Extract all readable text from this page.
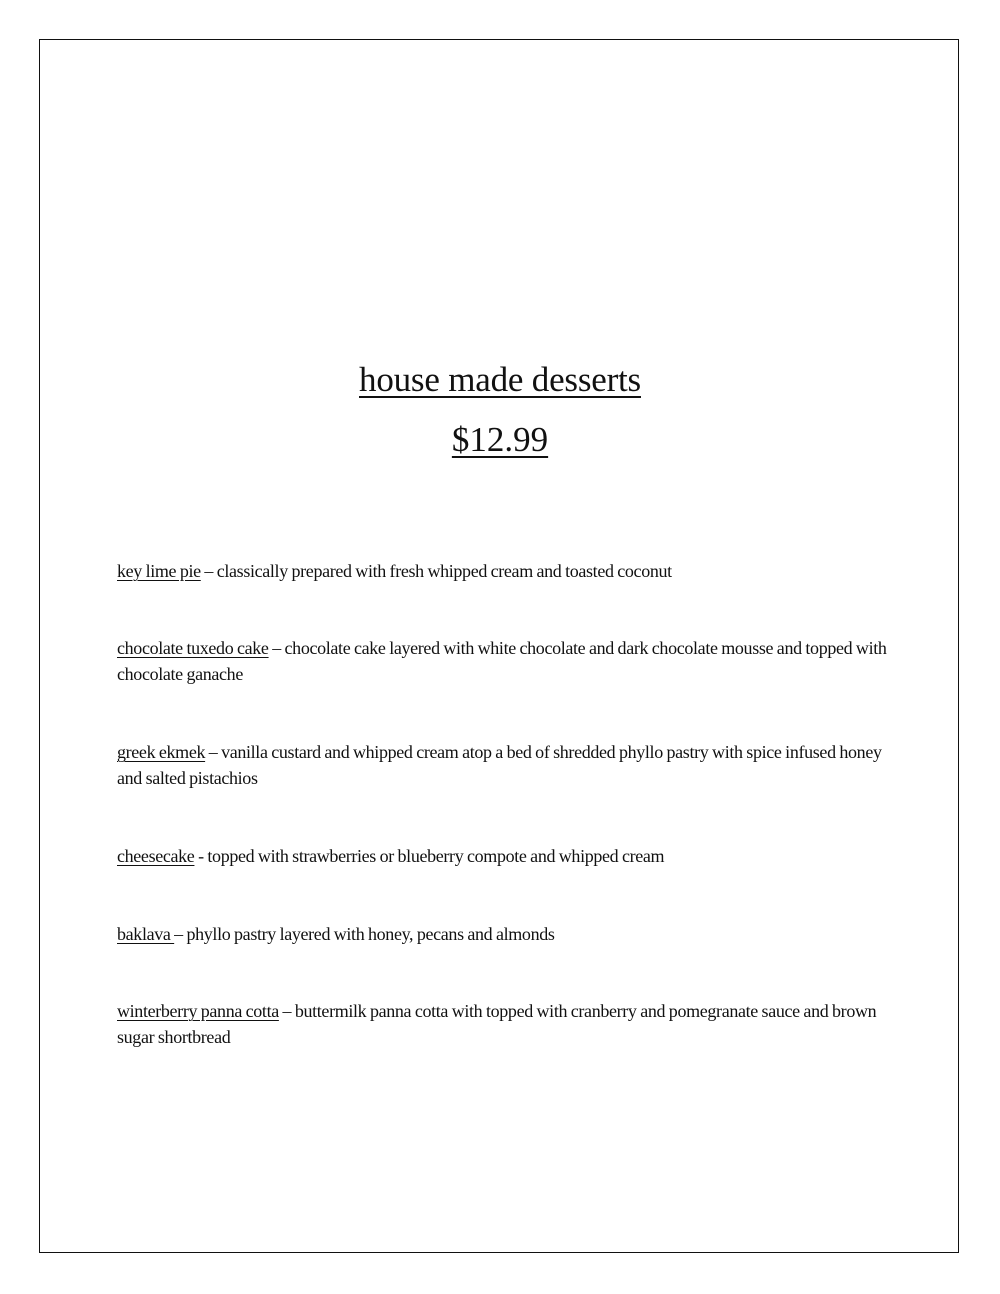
house made desserts
$12.99
key lime pie – classically prepared with fresh whipped cream and toasted coconut
chocolate tuxedo cake – chocolate cake layered with white chocolate and dark chocolate mousse and topped with chocolate ganache
greek ekmek – vanilla custard and whipped cream atop a bed of shredded phyllo pastry with spice infused honey and salted pistachios
cheesecake - topped with strawberries or blueberry compote and whipped cream
baklava – phyllo pastry layered with honey, pecans and almonds
winterberry panna cotta – buttermilk panna cotta with topped with cranberry and pomegranate sauce and brown sugar shortbread
